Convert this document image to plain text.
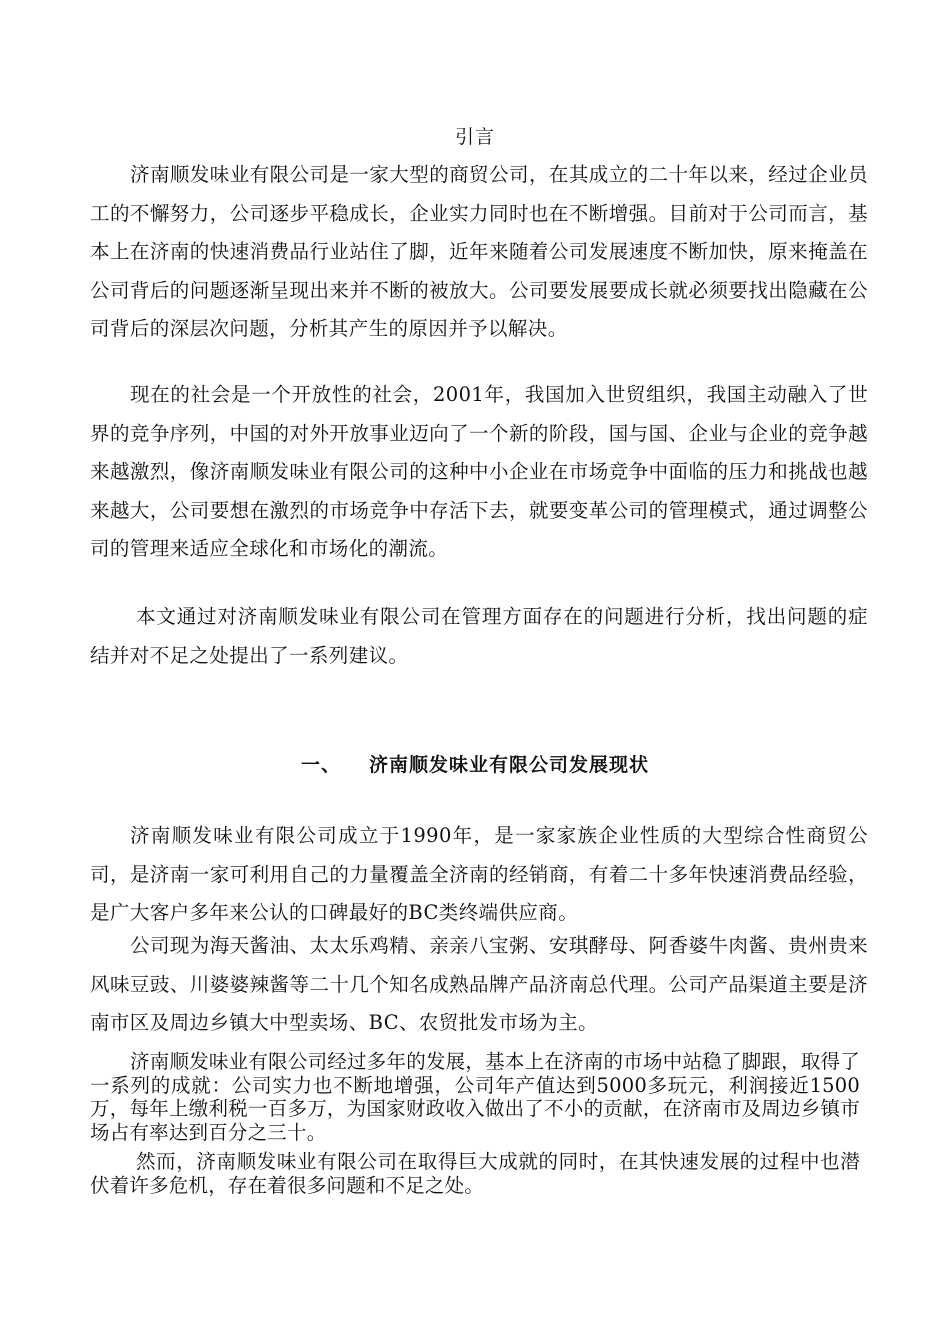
引言

济南顺发味业有限公司是一家大型的商贸公司，在其成立的二十年以来，经过企业员工的不懈努力，公司逐步平稳成长，企业实力同时也在不断增强。目前对于公司而言，基本上在济南的快速消费品行业站住了脚，近年来随着公司发展速度不断加快，原来掩盖在公司背后的问题逐渐呈现出来并不断的被放大。公司要发展要成长就必须要找出隐藏在公司背后的深层次问题，分析其产生的原因并予以解决。

现在的社会是一个开放性的社会，2001年，我国加入世贸组织，我国主动融入了世界的竞争序列，中国的对外开放事业迈向了一个新的阶段，国与国、企业与企业的竞争越来越激烈，像济南顺发味业有限公司的这种中小企业在市场竞争中面临的压力和挑战也越来越大，公司要想在激烈的市场竞争中存活下去，就要变革公司的管理模式，通过调整公司的管理来适应全球化和市场化的潮流。

本文通过对济南顺发味业有限公司在管理方面存在的问题进行分析，找出问题的症结并对不足之处提出了一系列建议。

一、 济南顺发味业有限公司发展现状

济南顺发味业有限公司成立于1990年，是一家家族企业性质的大型综合性商贸公司，是济南一家可利用自己的力量覆盖全济南的经销商，有着二十多年快速消费品经验，是广大客户多年来公认的口碑最好的BC类终端供应商。

公司现为海天酱油、太太乐鸡精、亲亲八宝粥、安琪酵母、阿香婆牛肉酱、贵州贵来风味豆豉、川婆婆辣酱等二十几个知名成熟品牌产品济南总代理。公司产品渠道主要是济南市区及周边乡镇大中型卖场、BC、农贸批发市场为主。

济南顺发味业有限公司经过多年的发展，基本上在济南的市场中站稳了脚跟，取得了一系列的成就：公司实力也不断地增强，公司年产值达到5000多玩元，利润接近1500万，每年上缴利税一百多万，为国家财政收入做出了不小的贡献，在济南市及周边乡镇市场占有率达到百分之三十。

然而，济南顺发味业有限公司在取得巨大成就的同时，在其快速发展的过程中也潜伏着许多危机，存在着很多问题和不足之处。
